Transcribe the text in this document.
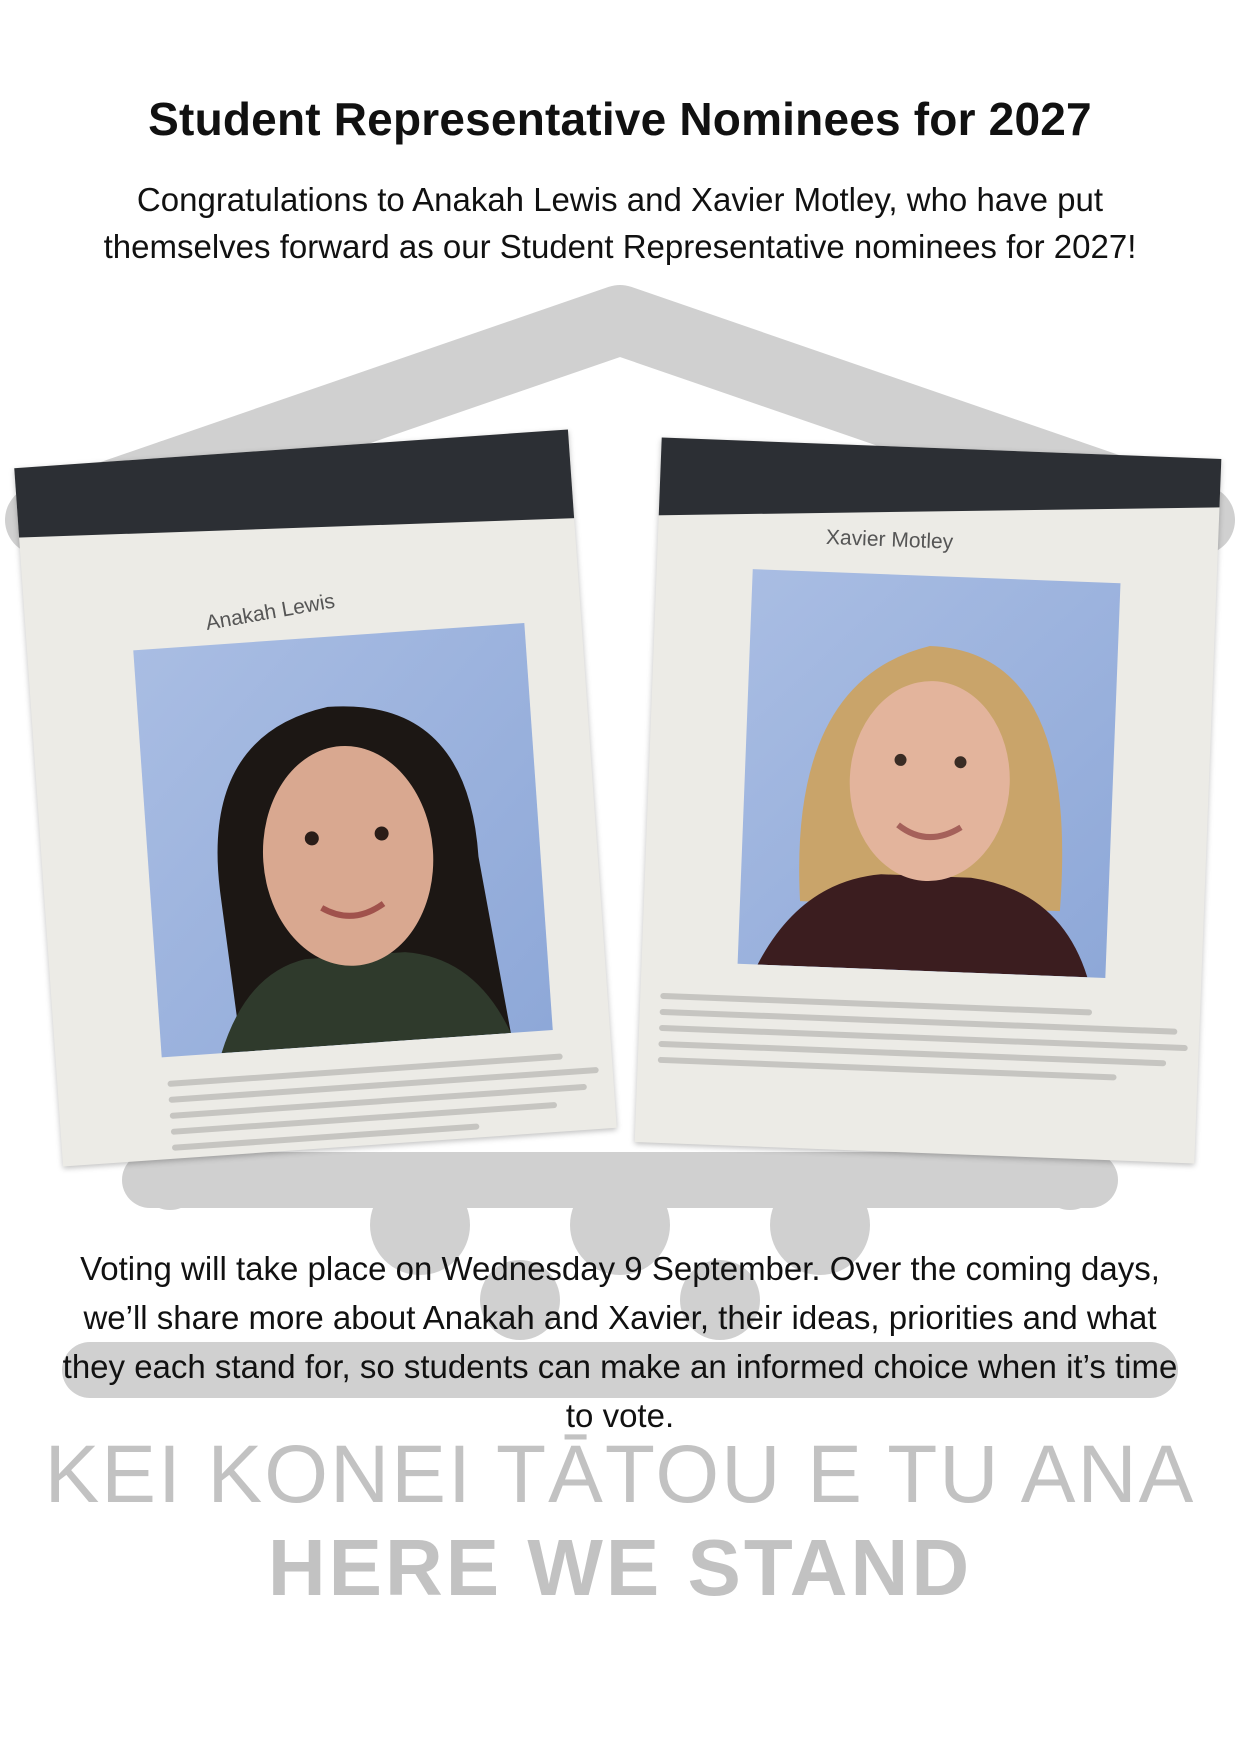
Student Representative Nominees for 2027
Congratulations to Anakah Lewis and Xavier Motley, who have put themselves forward as our Student Representative nominees for 2027!
Anakah Lewis
Xavier Motley
Voting will take place on Wednesday 9 September. Over the coming days, we’ll share more about Anakah and Xavier, their ideas, priorities and what they each stand for, so students can make an informed choice when it’s time to vote.
KEI KONEI TĀTOU E TU ANA
HERE WE STAND
